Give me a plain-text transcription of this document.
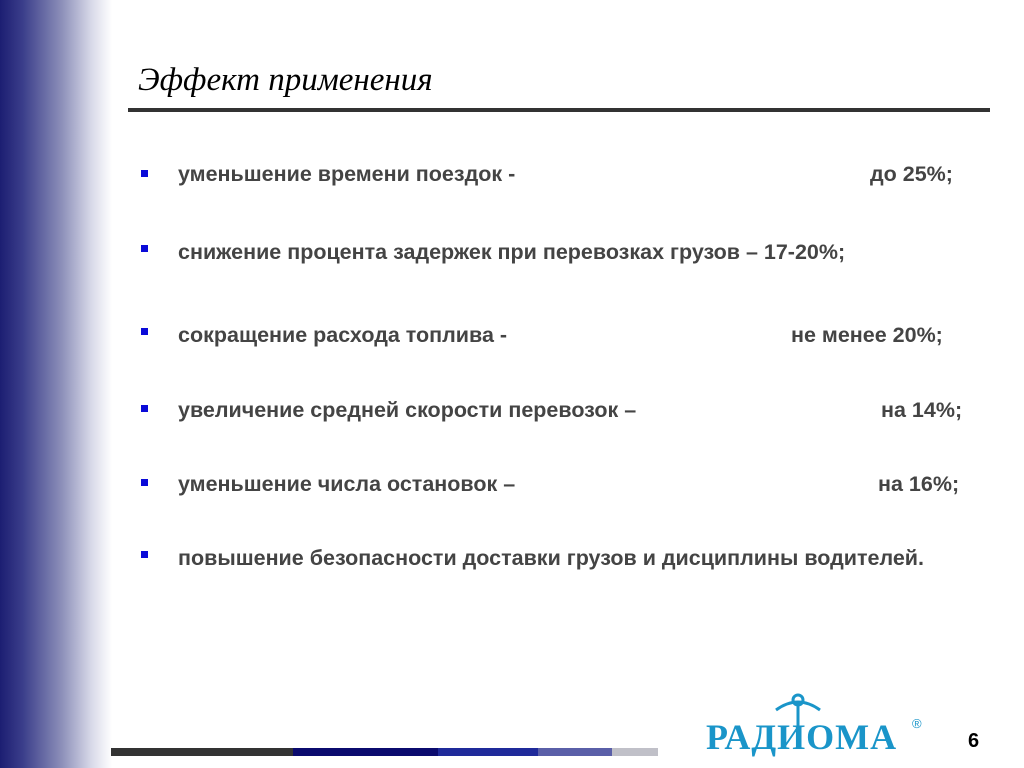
Эффект применения
уменьшение времени поездок -	до 25%;
снижение процента задержек при перевозках грузов – 17-20%;
сокращение расхода топлива -	не менее 20%;
увеличение средней скорости перевозок –	на 14%;
уменьшение числа остановок –	на 16%;
повышение безопасности доставки грузов и дисциплины водителей.
РАДИОМА ®
6
